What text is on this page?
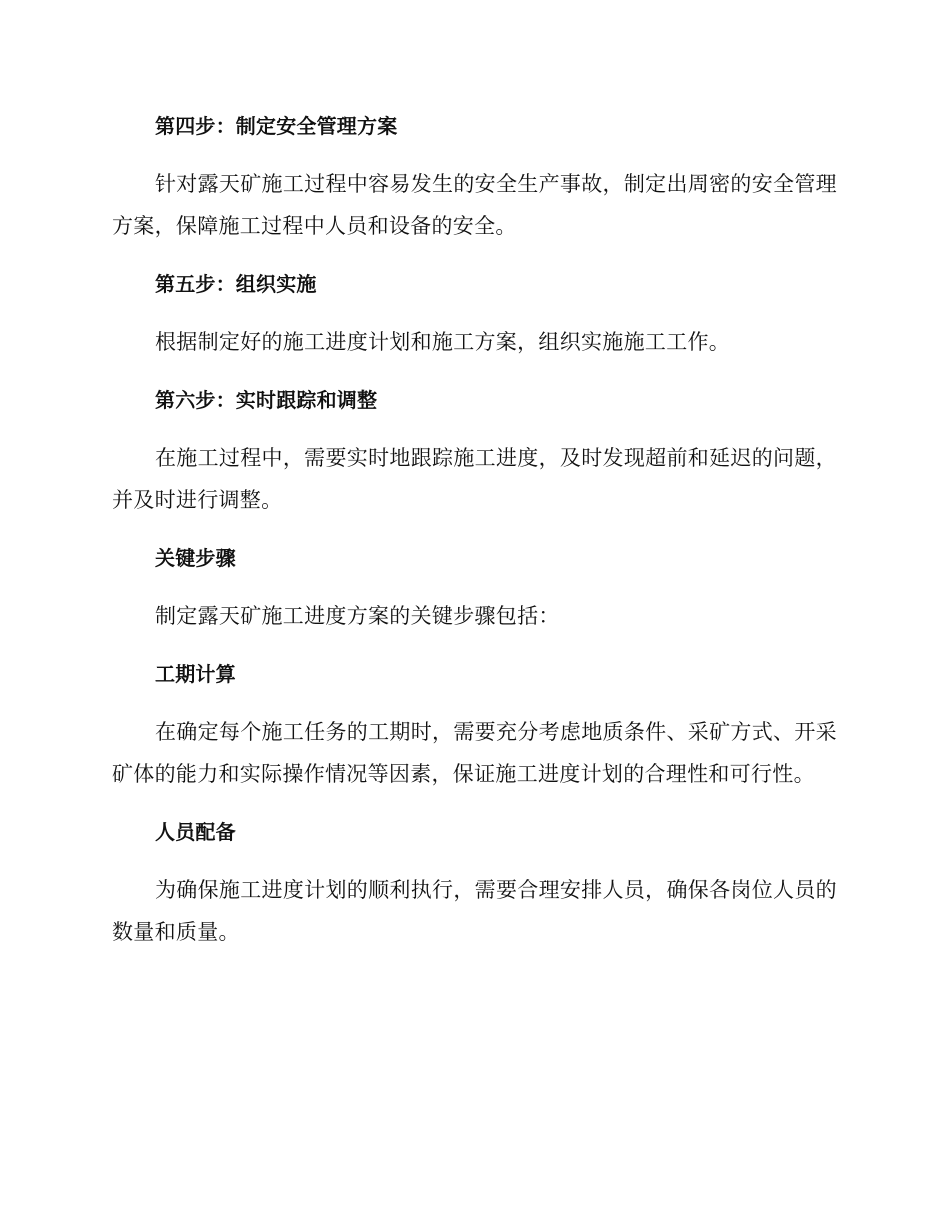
第四步：制定安全管理方案
针对露天矿施工过程中容易发生的安全生产事故，制定出周密的安全管理方案，保障施工过程中人员和设备的安全。
第五步：组织实施
根据制定好的施工进度计划和施工方案，组织实施施工工作。
第六步：实时跟踪和调整
在施工过程中，需要实时地跟踪施工进度，及时发现超前和延迟的问题，并及时进行调整。
关键步骤
制定露天矿施工进度方案的关键步骤包括：
工期计算
在确定每个施工任务的工期时，需要充分考虑地质条件、采矿方式、开采矿体的能力和实际操作情况等因素，保证施工进度计划的合理性和可行性。
人员配备
为确保施工进度计划的顺利执行，需要合理安排人员，确保各岗位人员的数量和质量。
